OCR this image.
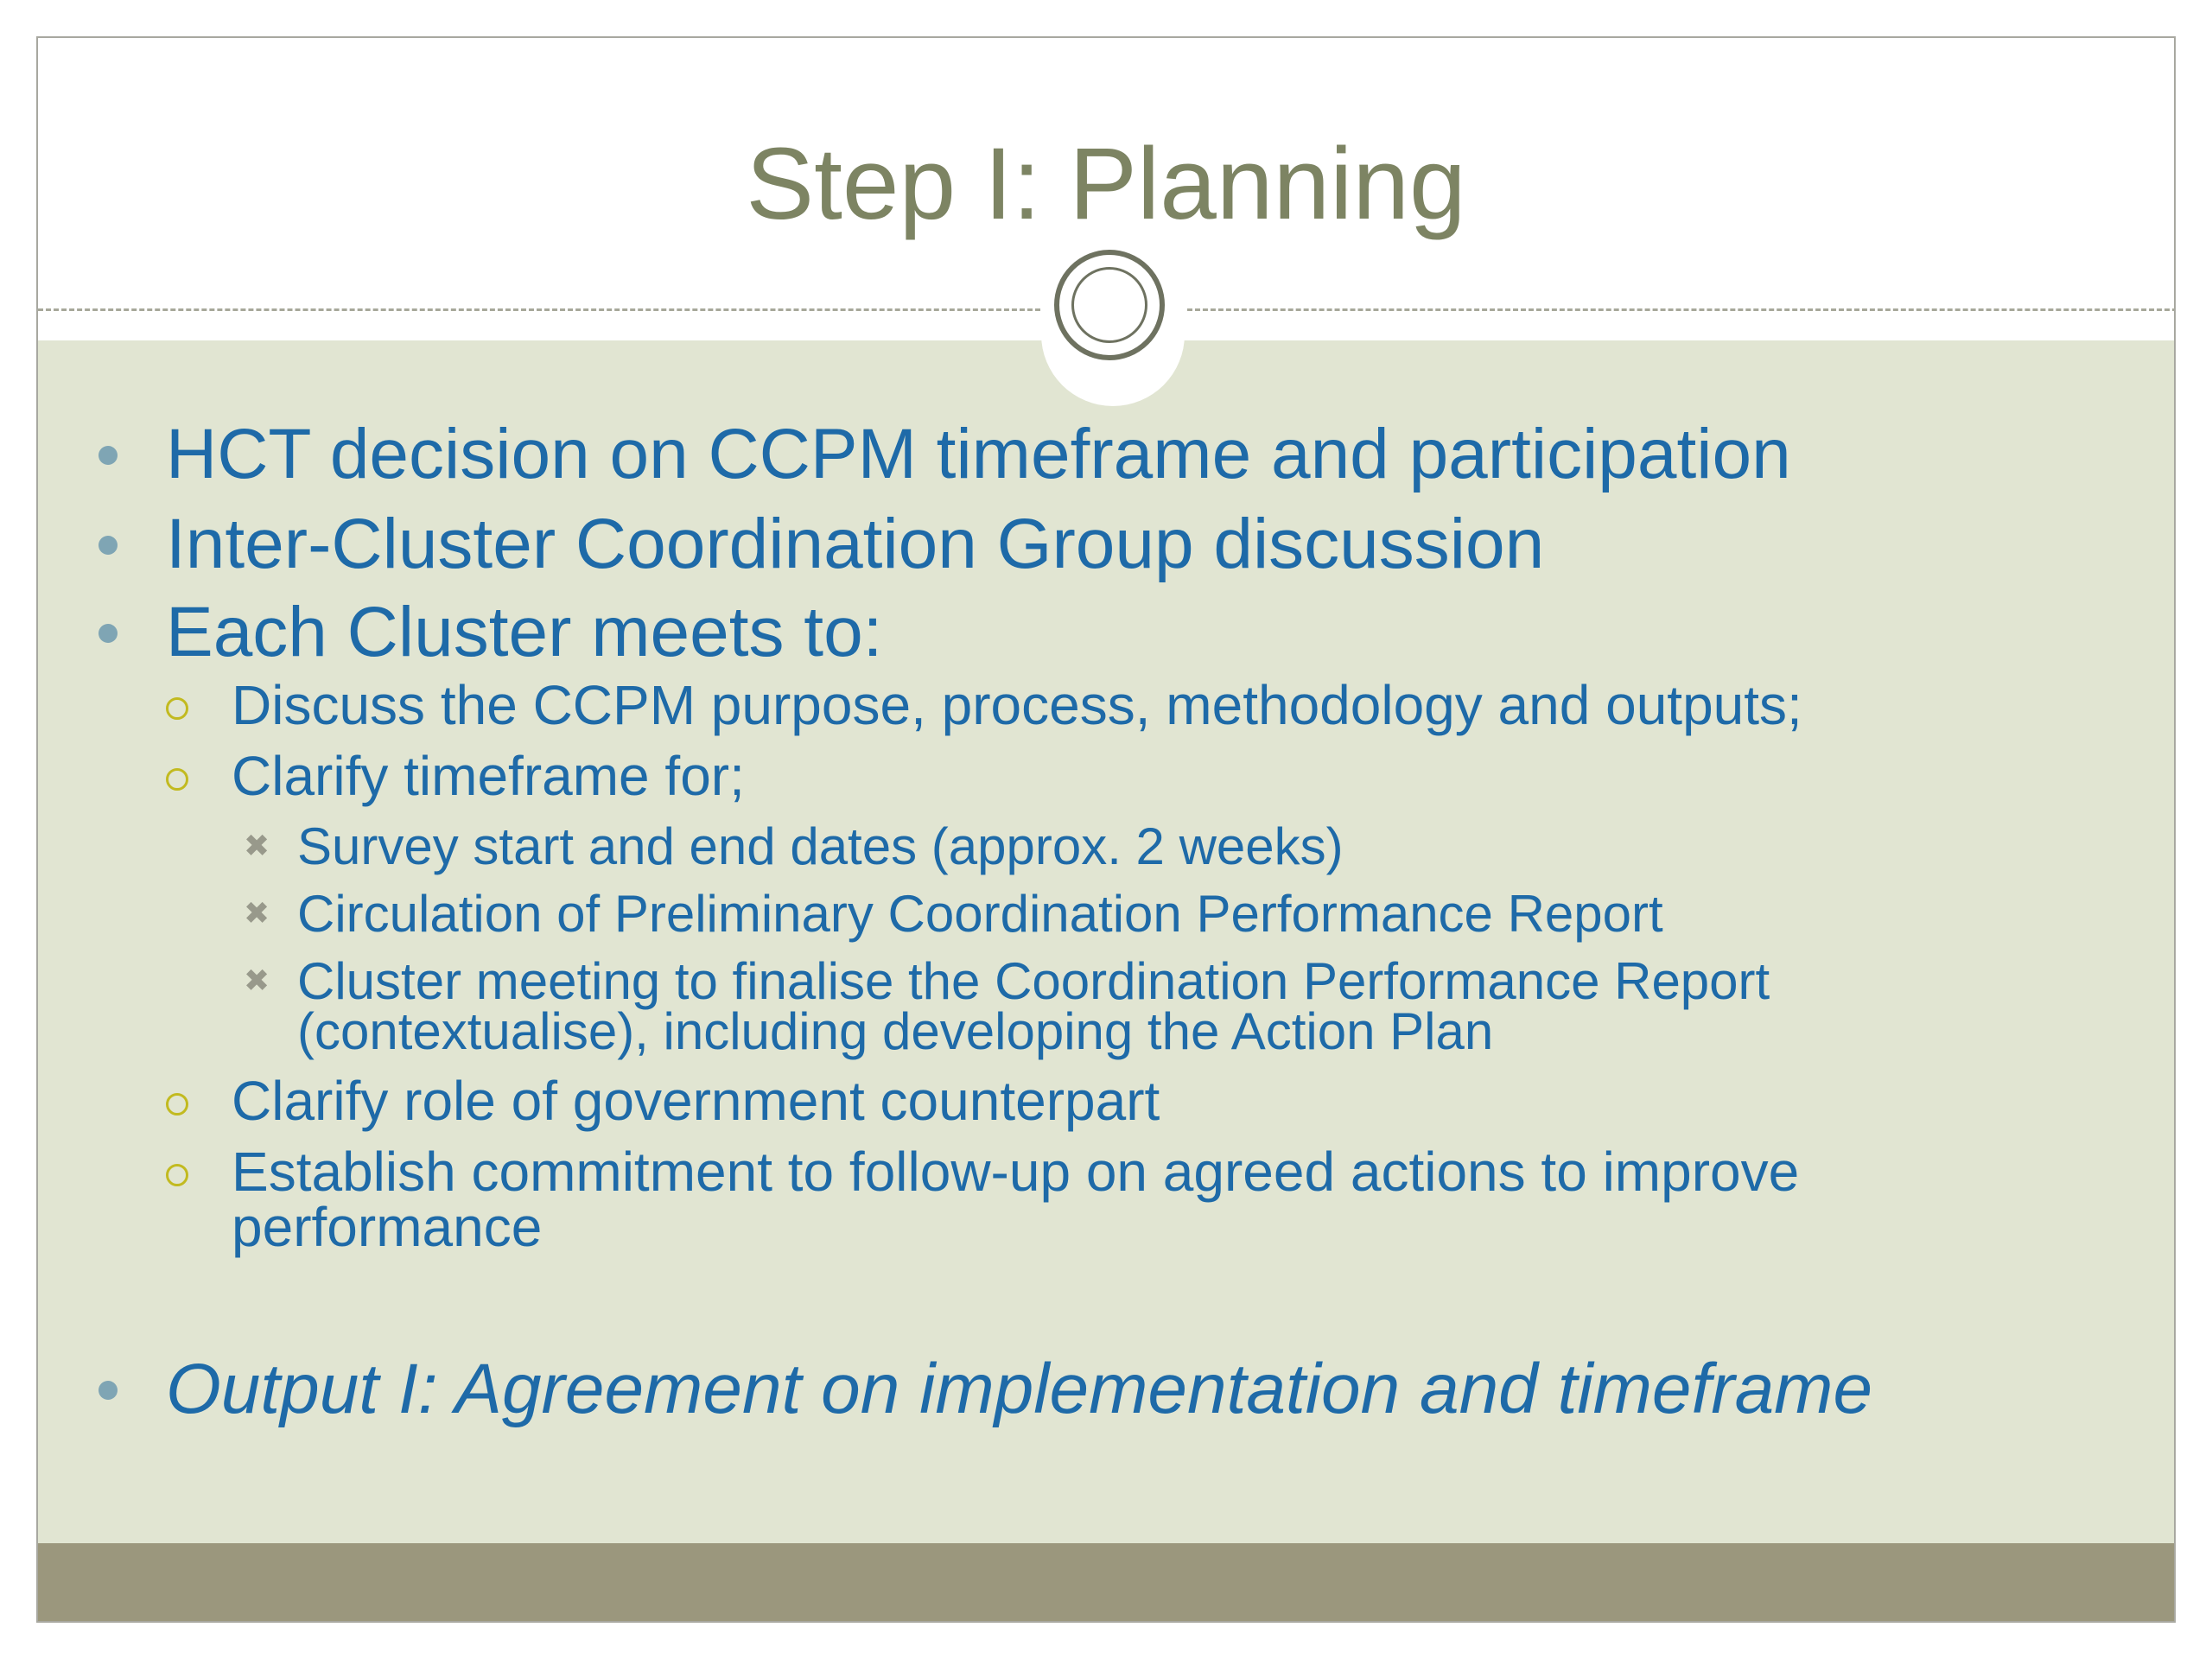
Step I: Planning
HCT decision on CCPM timeframe and participation
Inter-Cluster Coordination Group discussion
Each Cluster meets to:
Discuss the CCPM purpose, process, methodology and outputs;
Clarify timeframe for;
✖ Survey start and end dates (approx. 2 weeks)
✖ Circulation of Preliminary Coordination Performance Report
✖ Cluster meeting to finalise the Coordination Performance Report
(contextualise), including developing the Action Plan
Clarify role of government counterpart
Establish commitment to follow-up on agreed actions to improve
performance
Output I: Agreement on implementation and timeframe
